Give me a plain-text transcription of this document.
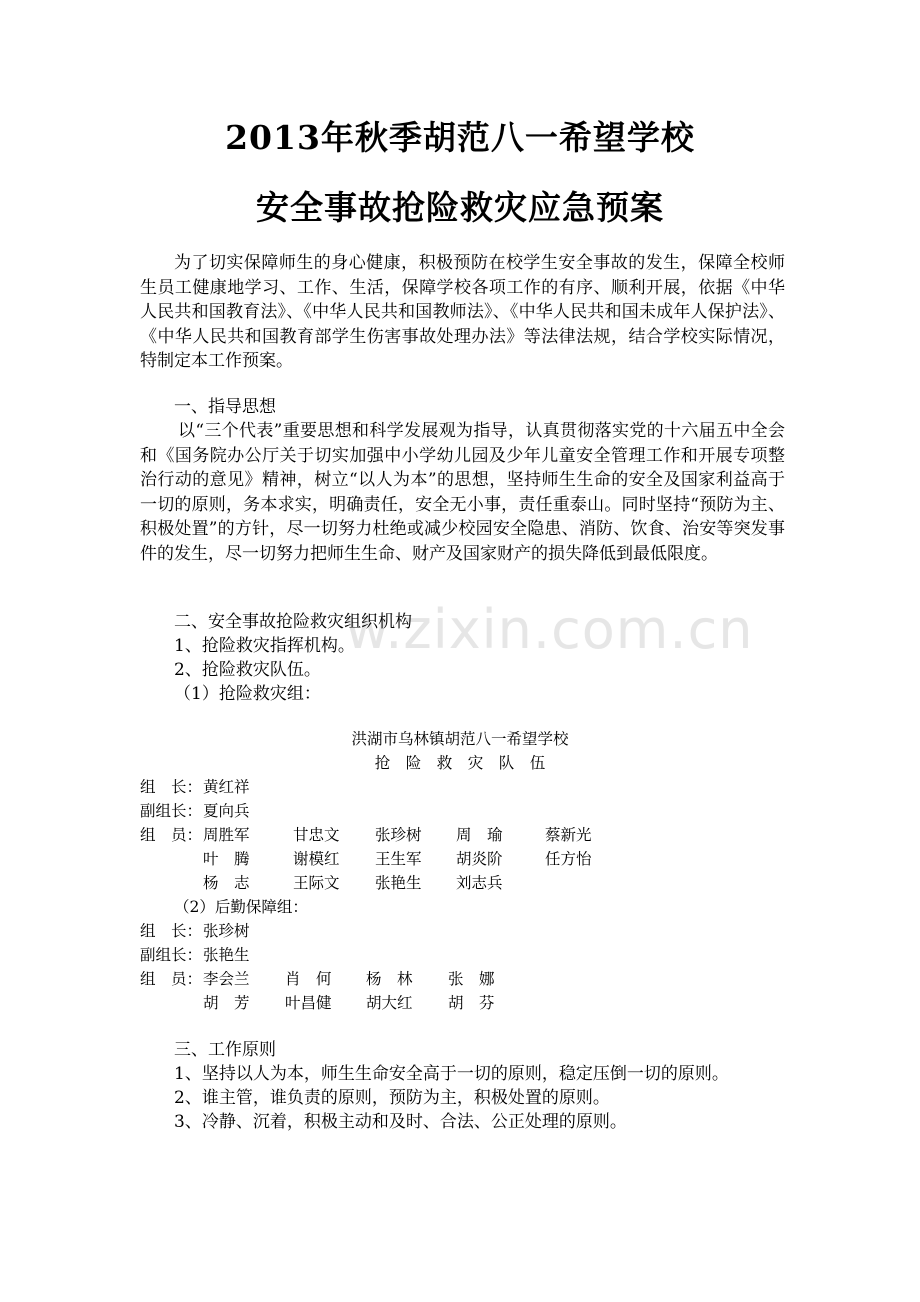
w.zixin.com.cn
2013年秋季胡范八一希望学校
安全事故抢险救灾应急预案

为了切实保障师生的身心健康，积极预防在校学生安全事故的发生，保障全校师生员工健康地学习、工作、生活，保障学校各项工作的有序、顺利开展，依据《中华人民共和国教育法》、《中华人民共和国教师法》、《中华人民共和国未成年人保护法》、《中华人民共和国教育部学生伤害事故处理办法》等法律法规，结合学校实际情况，特制定本工作预案。

一、指导思想

以“三个代表”重要思想和科学发展观为指导，认真贯彻落实党的十六届五中全会和《国务院办公厅关于切实加强中小学幼儿园及少年儿童安全管理工作和开展专项整治行动的意见》精神，树立“以人为本”的思想，坚持师生生命的安全及国家利益高于一切的原则，务本求实，明确责任，安全无小事，责任重泰山。同时坚持“预防为主、积极处置”的方针，尽一切努力杜绝或减少校园安全隐患、消防、饮食、治安等突发事件的发生，尽一切努力把师生生命、财产及国家财产的损失降低到最低限度。

二、安全事故抢险救灾组织机构

1、抢险救灾指挥机构。

2、抢险救灾队伍。

（1）抢险救灾组：

洪湖市乌林镇胡范八一希望学校

抢　险　救　灾　队　伍

组　长： 黄红祥
副组长： 夏向兵
组　员： 周胜军	甘忠文 张珍树 周　瑜	蔡新光
叶　腾	谢模红 王生军 胡炎阶	任方怡
杨　志	王际文 张艳生 刘志兵
（2）后勤保障组：
组　长： 张珍树
副组长： 张艳生
组　员： 李会兰 肖　何 杨　林 张　娜
胡　芳 叶昌健 胡大红 胡　芬

三、工作原则

1、坚持以人为本，师生生命安全高于一切的原则，稳定压倒一切的原则。

2、谁主管，谁负责的原则，预防为主，积极处置的原则。

3、冷静、沉着，积极主动和及时、合法、公正处理的原则。
